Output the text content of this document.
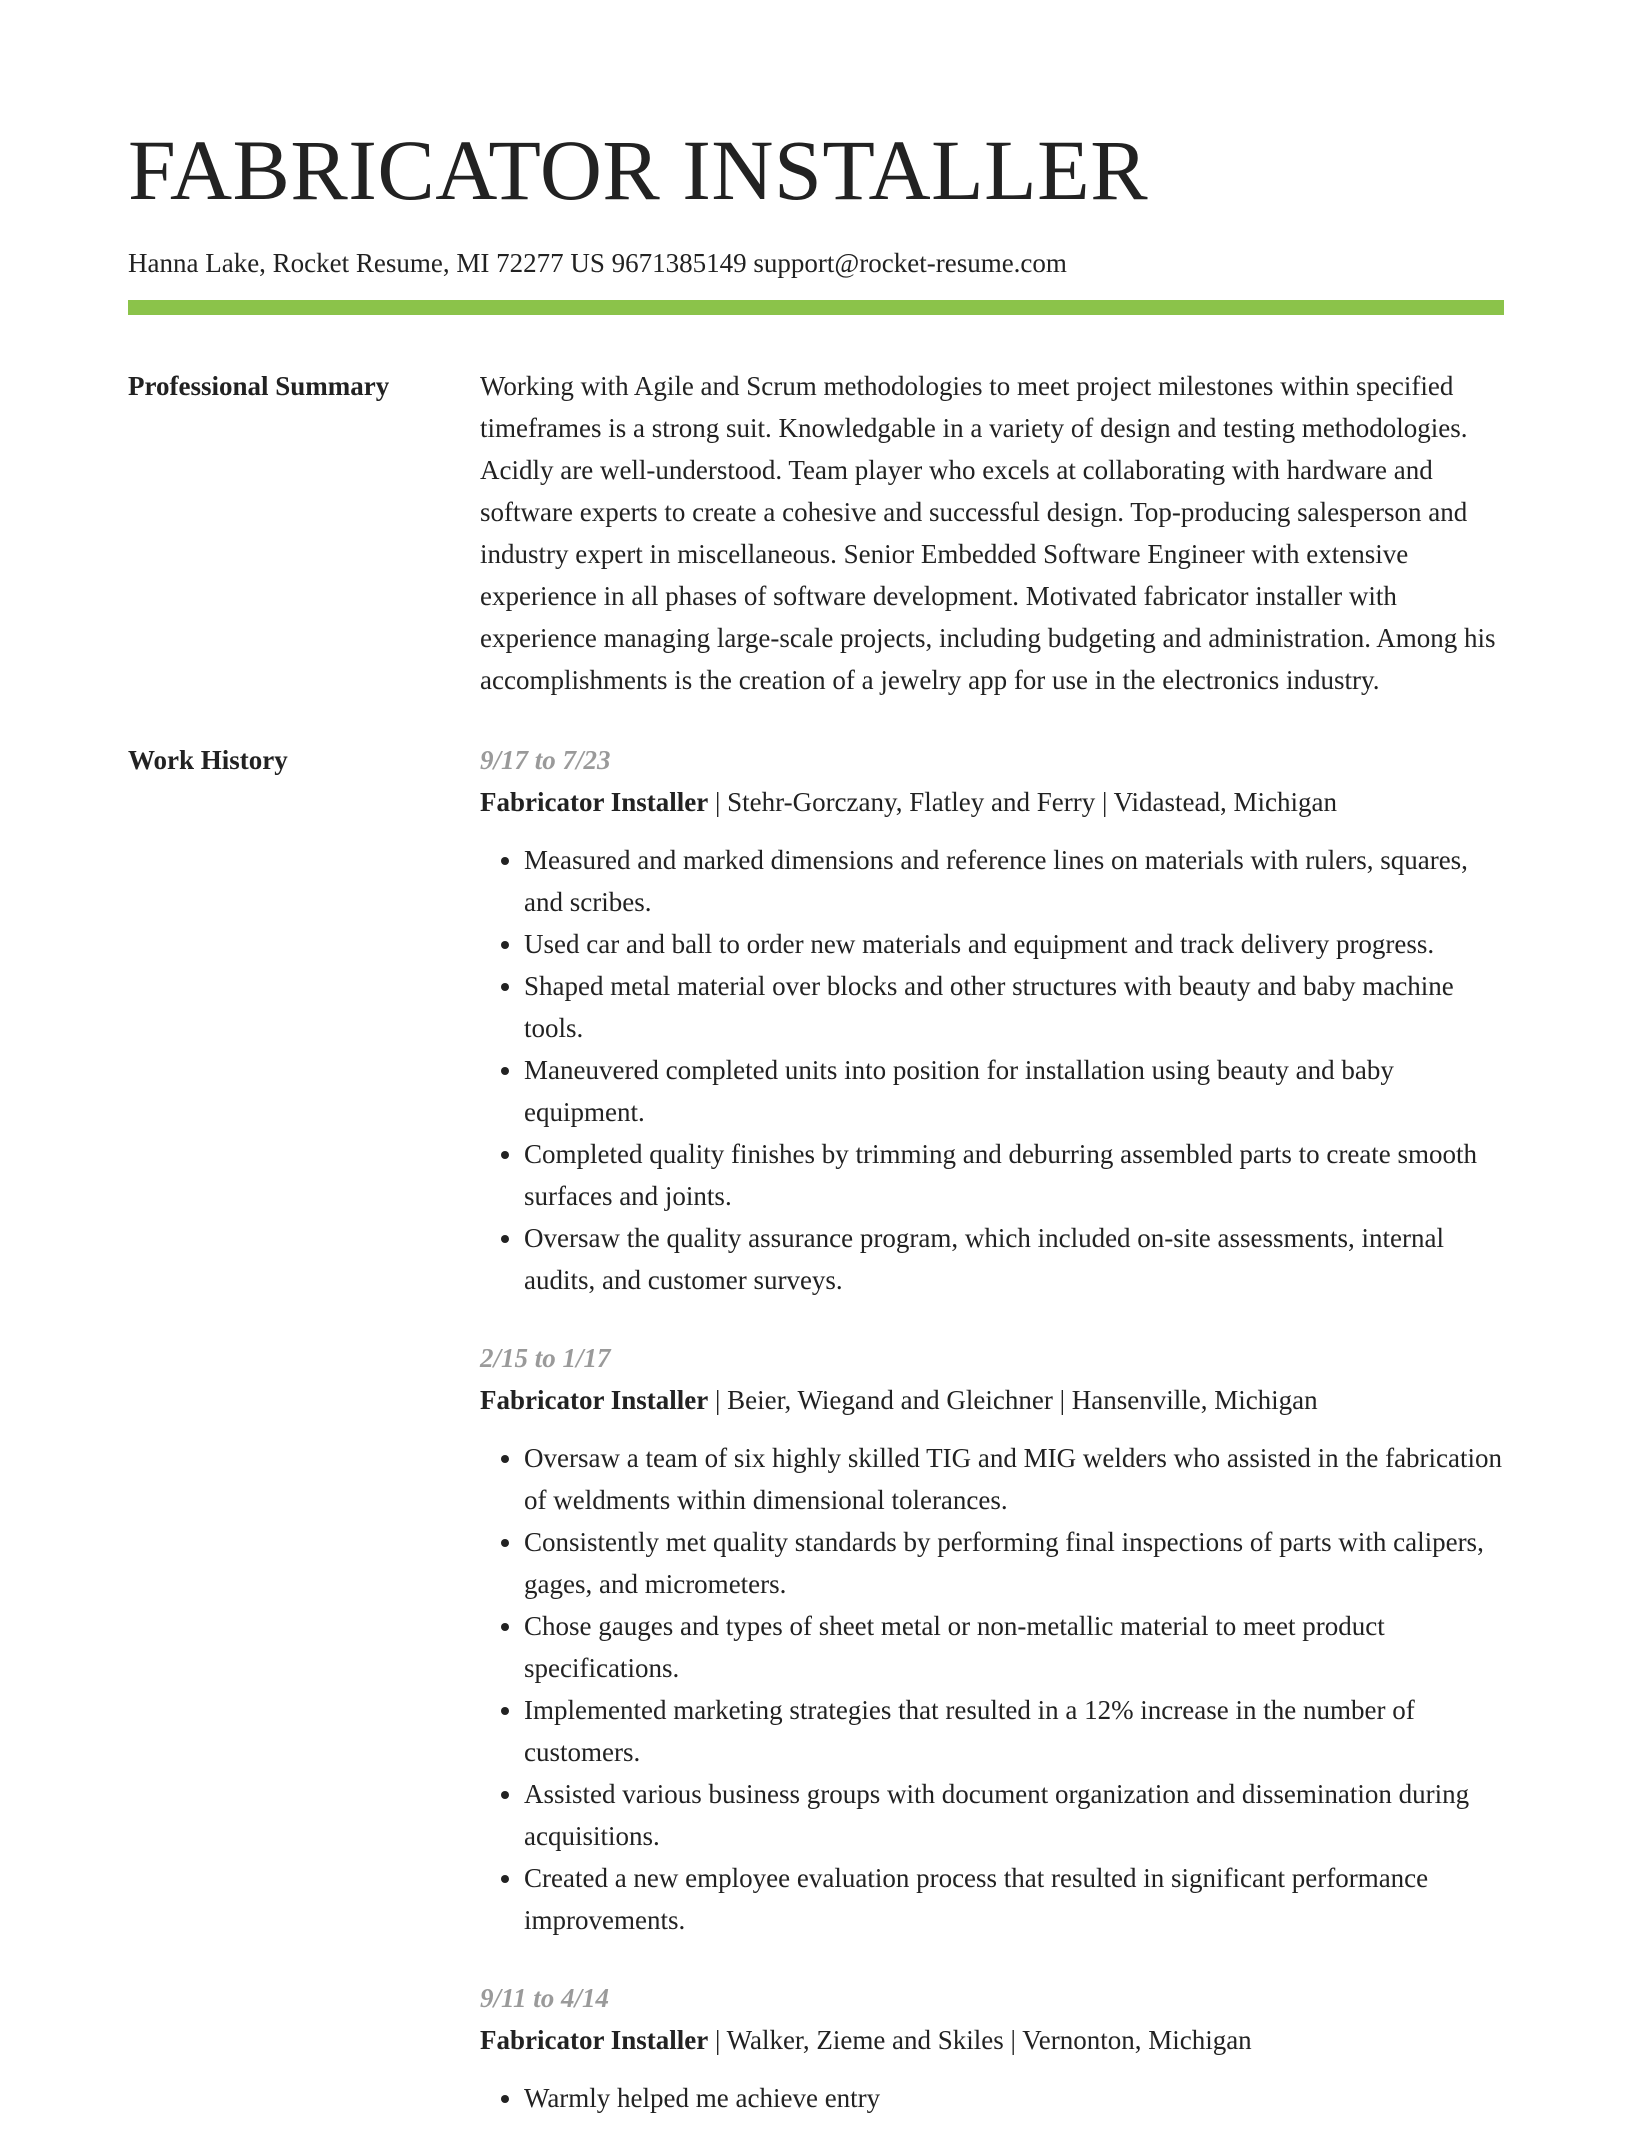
FABRICATOR INSTALLER
Hanna Lake, Rocket Resume, MI 72277 US 9671385149 support@rocket-resume.com
Professional Summary	Working with Agile and Scrum methodologies to meet project milestones within specified timeframes is a strong suit. Knowledgable in a variety of design and testing methodologies. Acidly are well-understood. Team player who excels at collaborating with hardware and software experts to create a cohesive and successful design. Top-producing salesperson and industry expert in miscellaneous. Senior Embedded Software Engineer with extensive experience in all phases of software development. Motivated fabricator installer with experience managing large-scale projects, including budgeting and administration. Among his accomplishments is the creation of a jewelry app for use in the electronics industry.

Work History	9/17 to 7/23
Fabricator Installer | Stehr-Gorczany, Flatley and Ferry | Vidastead, Michigan
• Measured and marked dimensions and reference lines on materials with rulers, squares, and scribes.
• Used car and ball to order new materials and equipment and track delivery progress.
• Shaped metal material over blocks and other structures with beauty and baby machine tools.
• Maneuvered completed units into position for installation using beauty and baby equipment.
• Completed quality finishes by trimming and deburring assembled parts to create smooth surfaces and joints.
• Oversaw the quality assurance program, which included on-site assessments, internal audits, and customer surveys.
2/15 to 1/17
Fabricator Installer | Beier, Wiegand and Gleichner | Hansenville, Michigan
• Oversaw a team of six highly skilled TIG and MIG welders who assisted in the fabrication of weldments within dimensional tolerances.
• Consistently met quality standards by performing final inspections of parts with calipers, gages, and micrometers.
• Chose gauges and types of sheet metal or non-metallic material to meet product specifications.
• Implemented marketing strategies that resulted in a 12% increase in the number of customers.
• Assisted various business groups with document organization and dissemination during acquisitions.
• Created a new employee evaluation process that resulted in significant performance improvements.
9/11 to 4/14
Fabricator Installer | Walker, Zieme and Skiles | Vernonton, Michigan
• Warmly helped me achieve entry
